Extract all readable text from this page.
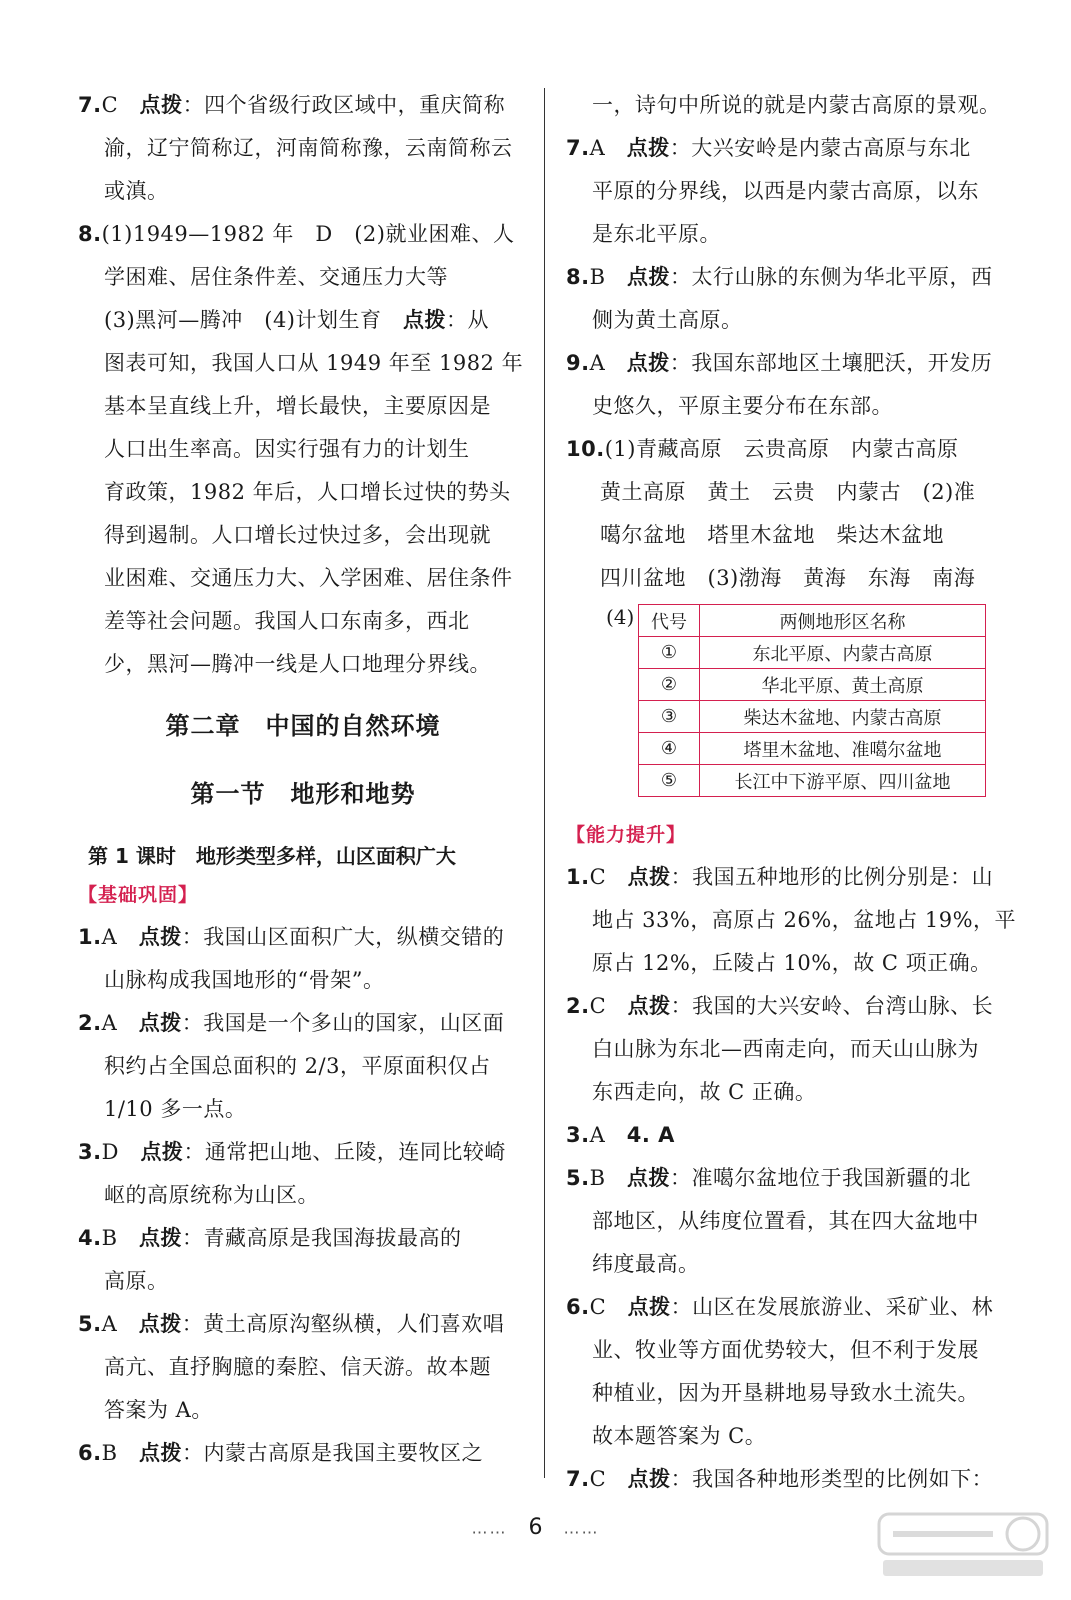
7.C　 点拨：四个省级行政区域中，重庆简称
渝，辽宁简称辽，河南简称豫，云南简称云
或滇。
8.(1)1949—1982 年　D　(2)就业困难、人
学困难、居住条件差、交通压力大等
(3)黑河—腾冲　(4)计划生育　点拨：从
图表可知，我国人口从 1949 年至 1982 年
基本呈直线上升，增长最快，主要原因是
人口出生率高。因实行强有力的计划生
育政策，1982 年后，人口增长过快的势头
得到遏制。人口增长过快过多，会出现就
业困难、交通压力大、入学困难、居住条件
差等社会问题。我国人口东南多，西北
少，黑河—腾冲一线是人口地理分界线。
第二章　中国的自然环境
第一节　地形和地势
第 1 课时　地形类型多样，山区面积广大
【基础巩固】
1.A　 点拨：我国山区面积广大，纵横交错的
山脉构成我国地形的“骨架”。
2.A　 点拨：我国是一个多山的国家，山区面
积约占全国总面积的 2/3，平原面积仅占
1/10 多一点。
3.D　 点拨：通常把山地、丘陵，连同比较崎
岖的高原统称为山区。
4.B　 点拨：青藏高原是我国海拔最高的
高原。
5.A　 点拨：黄土高原沟壑纵横，人们喜欢唱
高亢、直抒胸臆的秦腔、信天游。故本题
答案为 A。
6.B　 点拨：内蒙古高原是我国主要牧区之
一，诗句中所说的就是内蒙古高原的景观。
7.A　 点拨：大兴安岭是内蒙古高原与东北
平原的分界线，以西是内蒙古高原，以东
是东北平原。
8.B　 点拨：太行山脉的东侧为华北平原，西
侧为黄土高原。
9.A　 点拨：我国东部地区土壤肥沃，开发历
史悠久，平原主要分布在东部。
10.(1)青藏高原　云贵高原　内蒙古高原
黄土高原　黄土　云贵　内蒙古　(2)准
噶尔盆地　塔里木盆地　柴达木盆地
四川盆地　(3)渤海　黄海　东海　南海
(4) 代号	两侧地形区名称
①	东北平原、内蒙古高原
②	华北平原、黄土高原
③	柴达木盆地、内蒙古高原
④	塔里木盆地、准噶尔盆地
⑤	长江中下游平原、四川盆地
【能力提升】
1.C　 点拨：我国五种地形的比例分别是：山
地占 33%，高原占 26%，盆地占 19%，平
原占 12%，丘陵占 10%，故 C 项正确。
2.C　 点拨：我国的大兴安岭、台湾山脉、长
白山脉为东北—西南走向，而天山山脉为
东西走向，故 C 正确。
3.A　4. A
5.B　 点拨：准噶尔盆地位于我国新疆的北
部地区，从纬度位置看，其在四大盆地中
纬度最高。
6.C　 点拨：山区在发展旅游业、采矿业、林
业、牧业等方面优势较大，但不利于发展
种植业，因为开垦耕地易导致水土流失。
故本题答案为 C。
7.C　 点拨：我国各种地形类型的比例如下：
…… 6 ……
